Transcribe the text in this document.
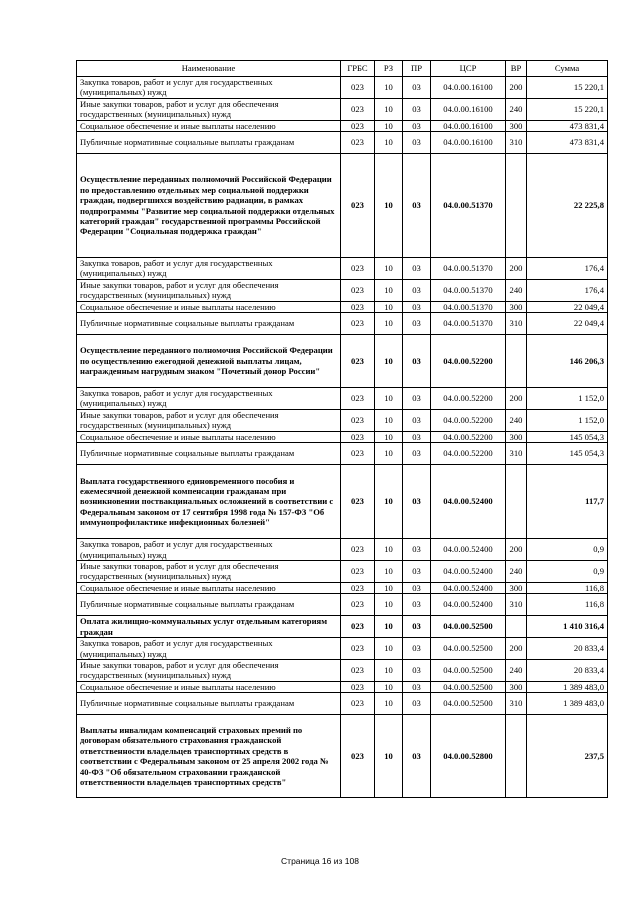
Наименование	ГРБС	РЗ	ПР	ЦСР	ВР	Сумма
Закупка товаров, работ и услуг для государственных (муниципальных) нужд	023	10	03	04.0.00.16100	200	15 220,1
Иные закупки товаров, работ и услуг для обеспечения государственных (муниципальных) нужд	023	10	03	04.0.00.16100	240	15 220,1
Социальное обеспечение и иные выплаты населению	023	10	03	04.0.00.16100	300	473 831,4
Публичные нормативные социальные выплаты гражданам	023	10	03	04.0.00.16100	310	473 831,4
Осуществление переданных полномочий Российской Федерации по предоставлению отдельных мер социальной поддержки граждан, подвергшихся воздействию радиации, в рамках подпрограммы "Развитие мер социальной поддержки отдельных категорий граждан" государственной программы Российской Федерации "Социальная поддержка граждан"	023	10	03	04.0.00.51370		22 225,8
Закупка товаров, работ и услуг для государственных (муниципальных) нужд	023	10	03	04.0.00.51370	200	176,4
Иные закупки товаров, работ и услуг для обеспечения государственных (муниципальных) нужд	023	10	03	04.0.00.51370	240	176,4
Социальное обеспечение и иные выплаты населению	023	10	03	04.0.00.51370	300	22 049,4
Публичные нормативные социальные выплаты гражданам	023	10	03	04.0.00.51370	310	22 049,4
Осуществление переданного полномочия Российской Федерации по осуществлению ежегодной денежной выплаты лицам, награжденным нагрудным знаком "Почетный донор России"	023	10	03	04.0.00.52200		146 206,3
Закупка товаров, работ и услуг для государственных (муниципальных) нужд	023	10	03	04.0.00.52200	200	1 152,0
Иные закупки товаров, работ и услуг для обеспечения государственных (муниципальных) нужд	023	10	03	04.0.00.52200	240	1 152,0
Социальное обеспечение и иные выплаты населению	023	10	03	04.0.00.52200	300	145 054,3
Публичные нормативные социальные выплаты гражданам	023	10	03	04.0.00.52200	310	145 054,3
Выплата государственного единовременного пособия и ежемесячной денежной компенсации гражданам при возникновении поствакцинальных осложнений в соответствии с Федеральным законом от 17 сентября 1998 года № 157-ФЗ "Об иммунопрофилактике инфекционных болезней"	023	10	03	04.0.00.52400		117,7
Закупка товаров, работ и услуг для государственных (муниципальных) нужд	023	10	03	04.0.00.52400	200	0,9
Иные закупки товаров, работ и услуг для обеспечения государственных (муниципальных) нужд	023	10	03	04.0.00.52400	240	0,9
Социальное обеспечение и иные выплаты населению	023	10	03	04.0.00.52400	300	116,8
Публичные нормативные социальные выплаты гражданам	023	10	03	04.0.00.52400	310	116,8
Оплата жилищно-коммунальных услуг отдельным категориям граждан	023	10	03	04.0.00.52500		1 410 316,4
Закупка товаров, работ и услуг для государственных (муниципальных) нужд	023	10	03	04.0.00.52500	200	20 833,4
Иные закупки товаров, работ и услуг для обеспечения государственных (муниципальных) нужд	023	10	03	04.0.00.52500	240	20 833,4
Социальное обеспечение и иные выплаты населению	023	10	03	04.0.00.52500	300	1 389 483,0
Публичные нормативные социальные выплаты гражданам	023	10	03	04.0.00.52500	310	1 389 483,0
Выплаты инвалидам компенсаций страховых премий по договорам обязательного страхования гражданской ответственности владельцев транспортных средств в соответствии с Федеральным законом от 25 апреля 2002 года № 40-ФЗ "Об обязательном страховании гражданской ответственности владельцев транспортных средств"	023	10	03	04.0.00.52800		237,5
Страница 16 из 108
